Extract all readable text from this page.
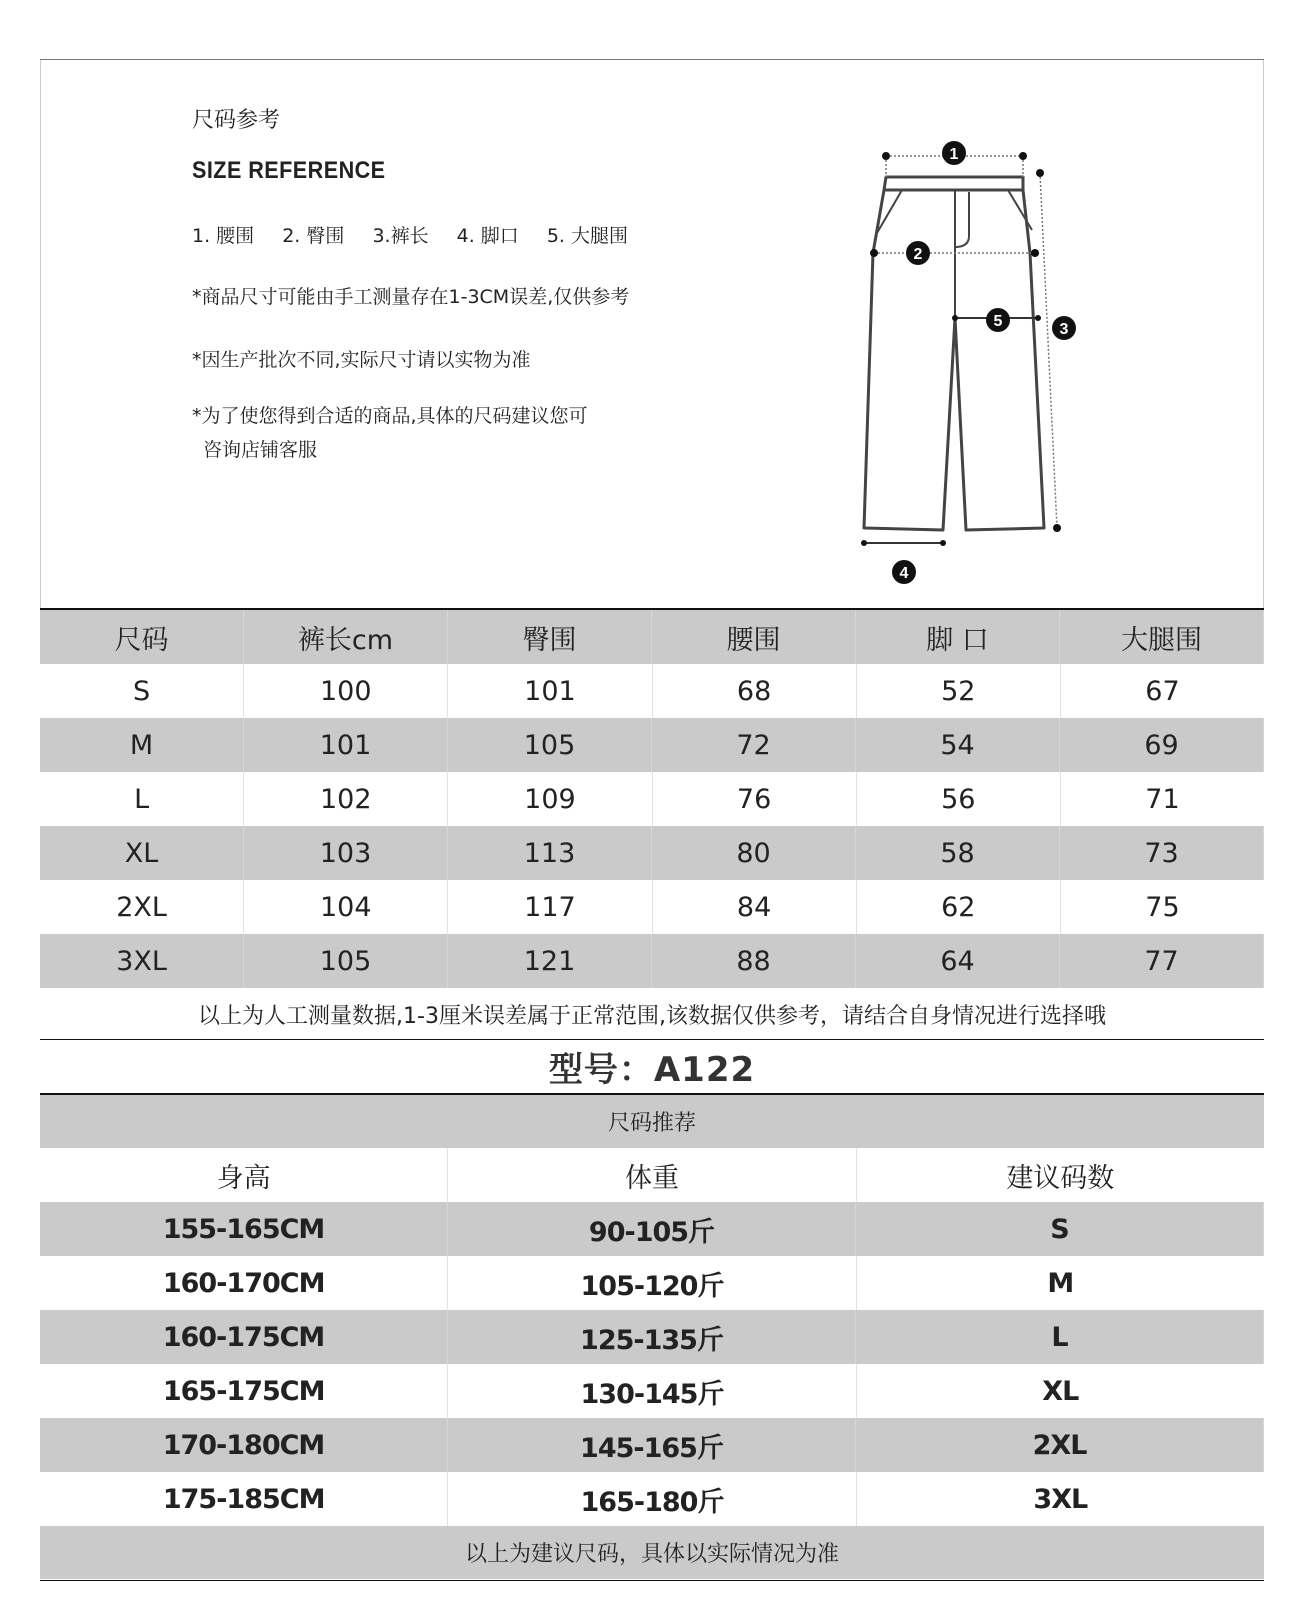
尺码参考
SIZE REFERENCE
1. 腰围 2. 臀围 3.裤长 4. 脚口 5. 大腿围
*商品尺寸可能由手工测量存在1-3CM误差,仅供参考
*因生产批次不同,实际尺寸请以实物为准
*为了使您得到合适的商品,具体的尺码建议您可
咨询店铺客服
1
2
3
4
5
尺码	裤长cm	臀围	腰围	脚 口	大腿围
S	100	101	68	52	67
M	101	105	72	54	69
L	102	109	76	56	71
XL	103	113	80	58	73
2XL	104	117	84	62	75
3XL	105	121	88	64	77
以上为人工测量数据,1-3厘米误差属于正常范围,该数据仅供参考，请结合自身情况进行选择哦
型号：A122
尺码推荐
身高	体重	建议码数
155-165CM	90-105斤	S
160-170CM	105-120斤	M
160-175CM	125-135斤	L
165-175CM	130-145斤	XL
170-180CM	145-165斤	2XL
175-185CM	165-180斤	3XL
以上为建议尺码，具体以实际情况为准
